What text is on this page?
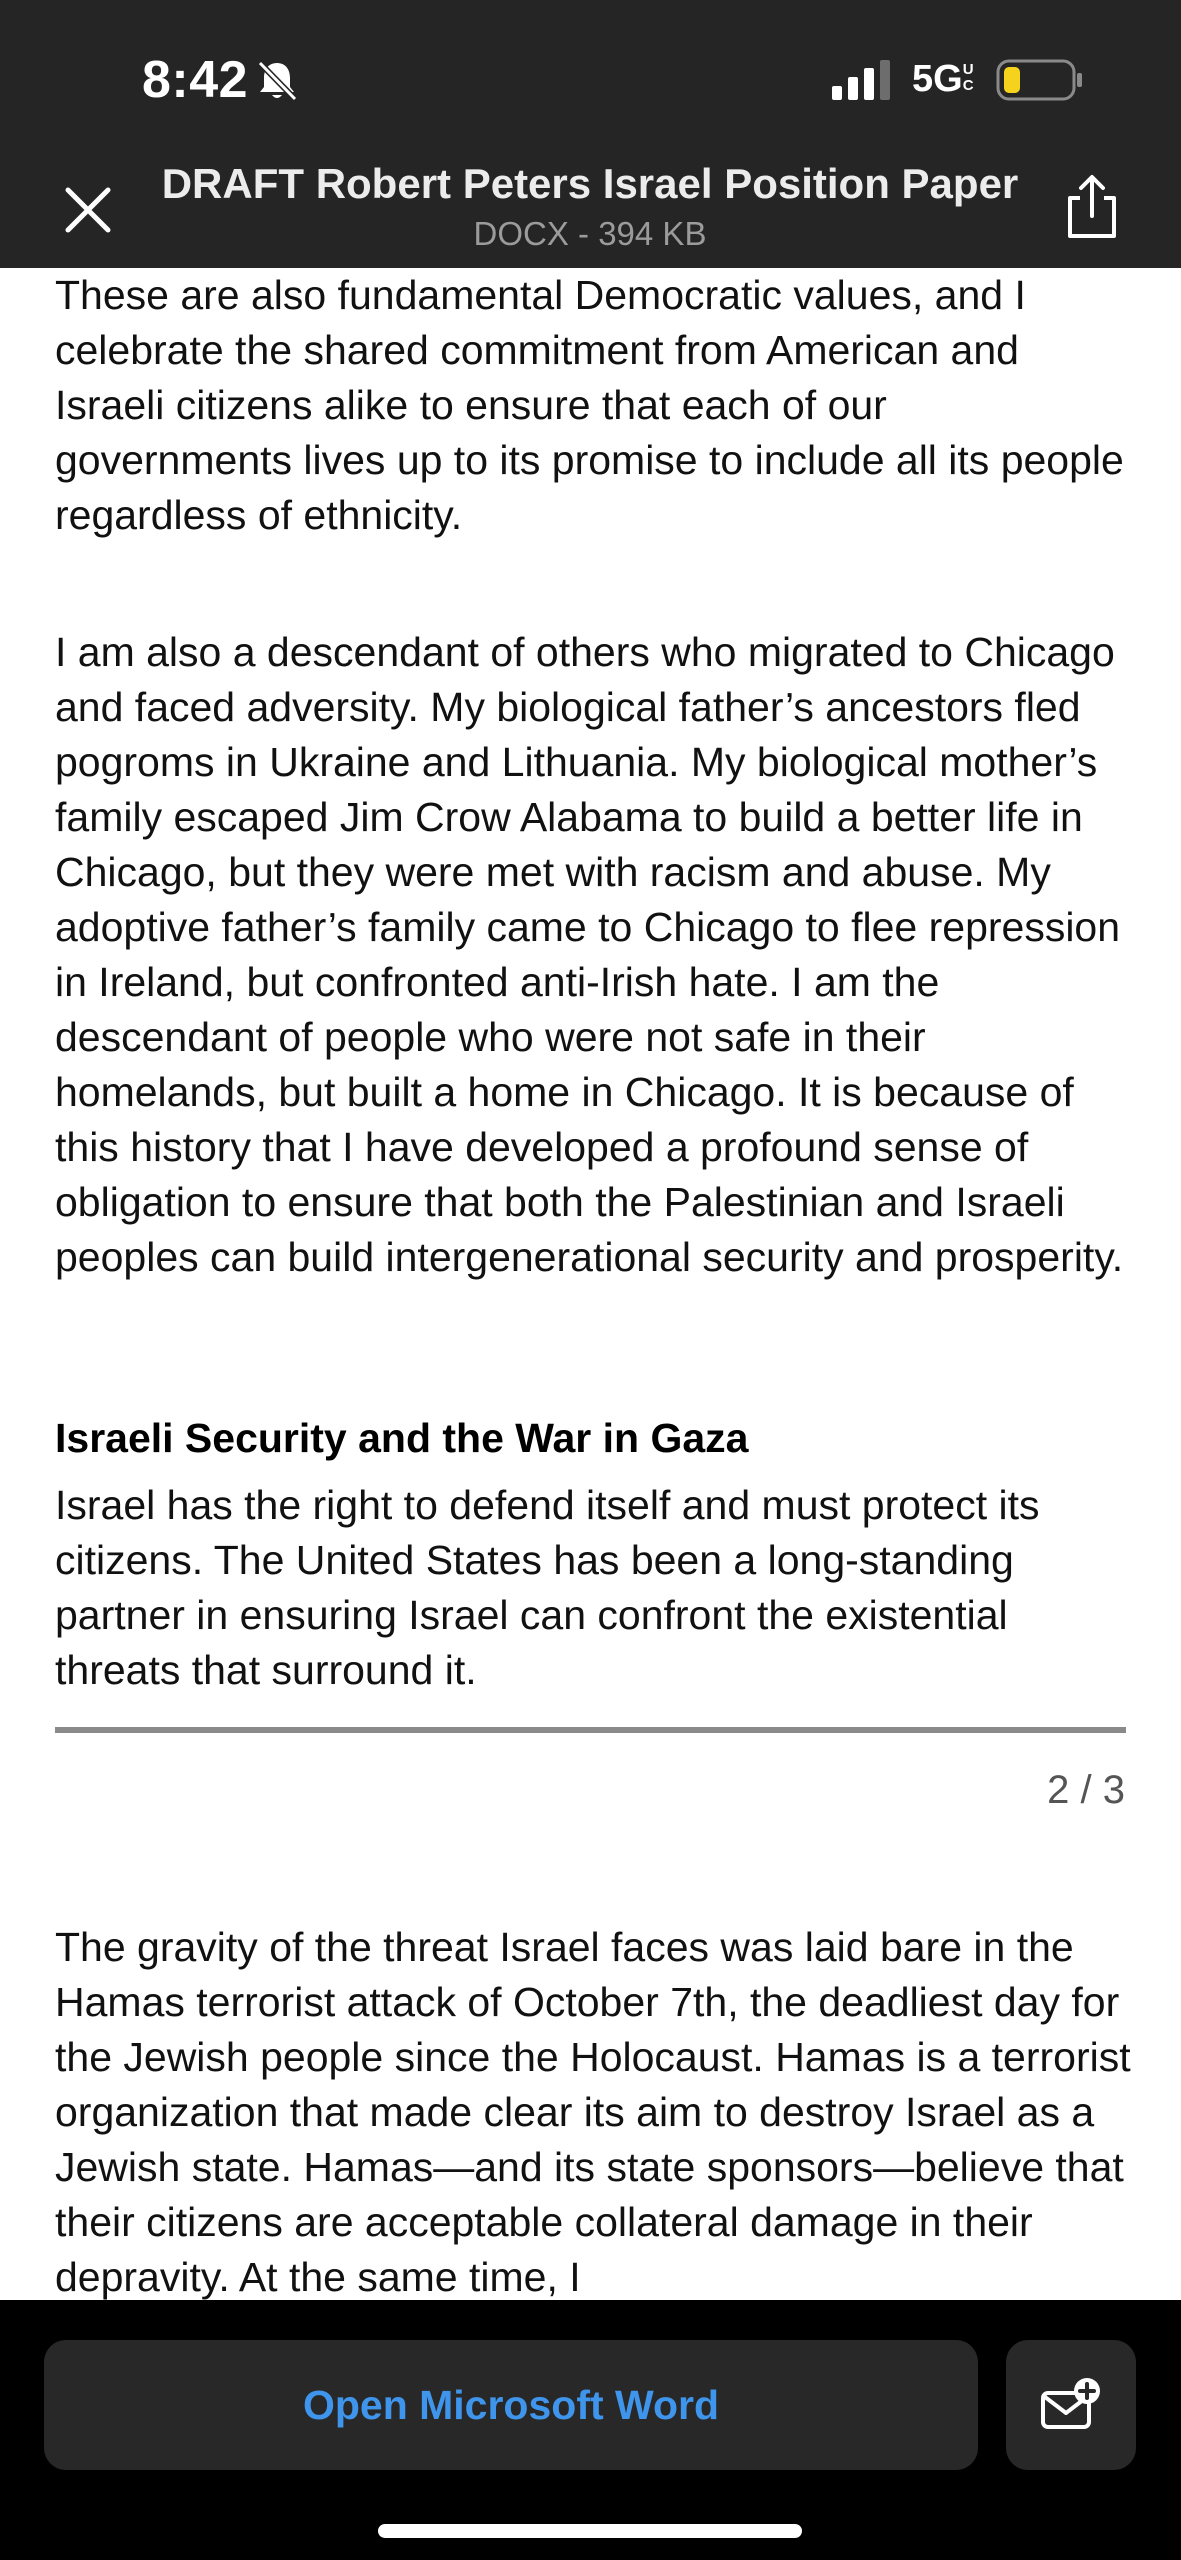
8:42	5GUC
DRAFT Robert Peters Israel Position Paper
DOCX - 394 KB

These are also fundamental Democratic values, and I celebrate the shared commitment from American and Israeli citizens alike to ensure that each of our governments lives up to its promise to include all its people regardless of ethnicity.

I am also a descendant of others who migrated to Chicago and faced adversity. My biological father’s ancestors fled pogroms in Ukraine and Lithuania. My biological mother’s family escaped Jim Crow Alabama to build a better life in Chicago, but they were met with racism and abuse. My adoptive father’s family came to Chicago to flee repression in Ireland, but confronted anti-Irish hate. I am the descendant of people who were not safe in their homelands, but built a home in Chicago. It is because of this history that I have developed a profound sense of obligation to ensure that both the Palestinian and Israeli peoples can build intergenerational security and prosperity.

Israeli Security and the War in Gaza

Israel has the right to defend itself and must protect its citizens. The United States has been a long-standing partner in ensuring Israel can confront the existential threats that surround it.

2 / 3

The gravity of the threat Israel faces was laid bare in the Hamas terrorist attack of October 7th, the deadliest day for the Jewish people since the Holocaust. Hamas is a terrorist organization that made clear its aim to destroy Israel as a Jewish state. Hamas—and its state sponsors—believe that their citizens are acceptable collateral damage in their depravity. At the same time, I

Open Microsoft Word
